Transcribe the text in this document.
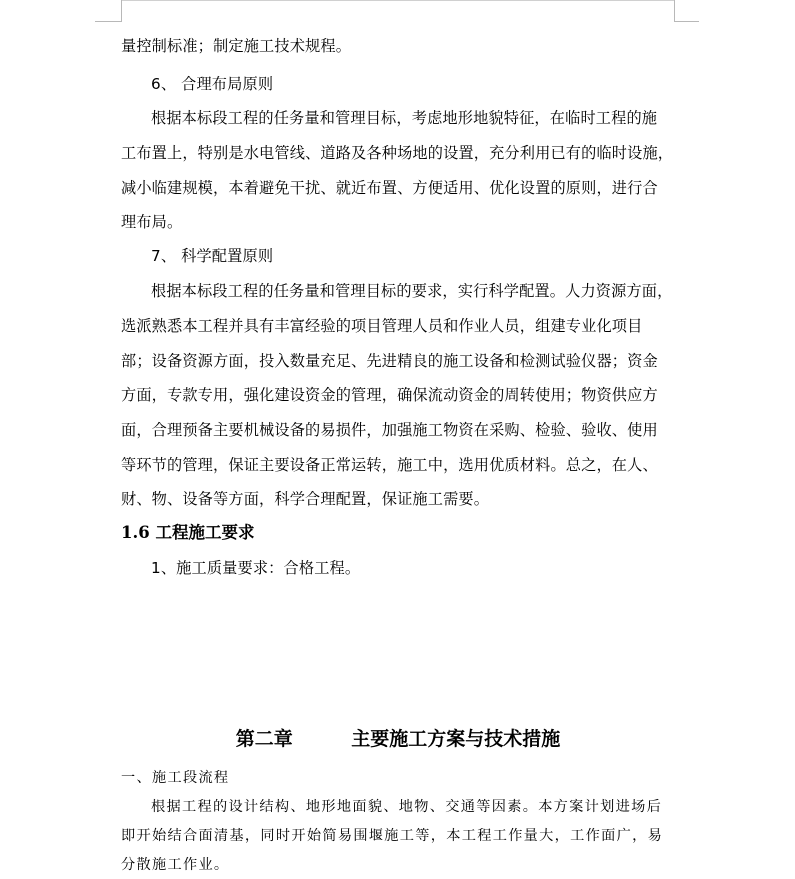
量控制标准；制定施工技术规程。
6、 合理布局原则
根据本标段工程的任务量和管理目标，考虑地形地貌特征，在临时工程的施
工布置上，特别是水电管线、道路及各种场地的设置，充分利用已有的临时设施，
减小临建规模，本着避免干扰、就近布置、方便适用、优化设置的原则，进行合
理布局。
7、 科学配置原则
根据本标段工程的任务量和管理目标的要求，实行科学配置。人力资源方面，
选派熟悉本工程并具有丰富经验的项目管理人员和作业人员，组建专业化项目
部；设备资源方面，投入数量充足、先进精良的施工设备和检测试验仪器；资金
方面，专款专用，强化建设资金的管理，确保流动资金的周转使用；物资供应方
面，合理预备主要机械设备的易损件，加强施工物资在采购、检验、验收、使用
等环节的管理，保证主要设备正常运转，施工中，选用优质材料。总之，在人、
财、物、设备等方面，科学合理配置，保证施工需要。
1.6 工程施工要求
1、施工质量要求：合格工程。
第二章    主要施工方案与技术措施
一、施工段流程
根据工程的设计结构、地形地面貌、地物、交通等因素。本方案计划进场后
即开始结合面清基，同时开始简易围堰施工等，本工程工作量大，工作面广，易
分散施工作业。
